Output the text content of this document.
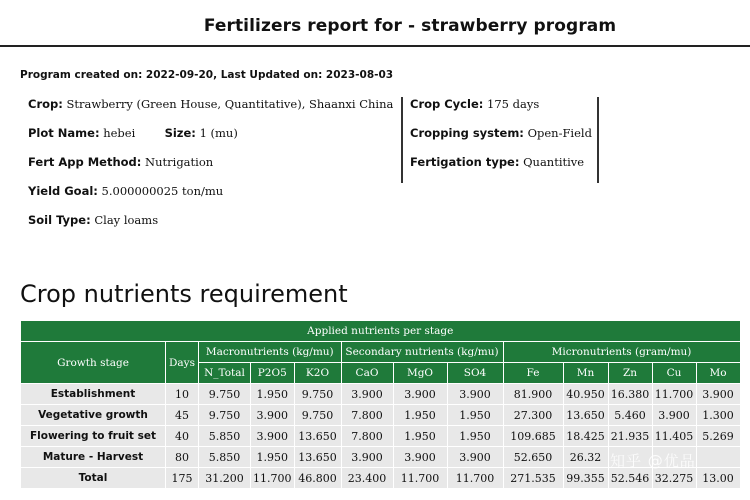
Fertilizers report for - strawberry program
Program created on: 2022-09-20, Last Updated on: 2023-08-03
Crop: Strawberry (Green House, Quantitative), Shaanxi China
Plot Name: hebei	Size: 1 (mu)
Fert App Method: Nutrigation
Yield Goal: 5.000000025 ton/mu
Soil Type: Clay loams
Crop Cycle: 175 days
Cropping system: Open-Field
Fertigation type: Quantitive
Crop nutrients requirement
Applied nutrients per stage												
Growth stage	Days	Macronutrients (kg/mu)			Secondary nutrients (kg/mu)			Micronutrients (gram/mu)				
		N_Total	P2O5	K2O	CaO	MgO	SO4	Fe	Mn	Zn	Cu	Mo
Establishment	10	9.750	1.950	9.750	3.900	3.900	3.900	81.900	40.950	16.380	11.700	3.900
Vegetative growth	45	9.750	3.900	9.750	7.800	1.950	1.950	27.300	13.650	5.460	3.900	1.300
Flowering to fruit set	40	5.850	3.900	13.650	7.800	1.950	1.950	109.685	18.425	21.935	11.405	5.269
Mature - Harvest	80	5.850	1.950	13.650	3.900	3.900	3.900	52.650	26.32			
Total	175	31.200	11.700	46.800	23.400	11.700	11.700	271.535	99.355	52.546	32.275	13.00
知乎 @优品
